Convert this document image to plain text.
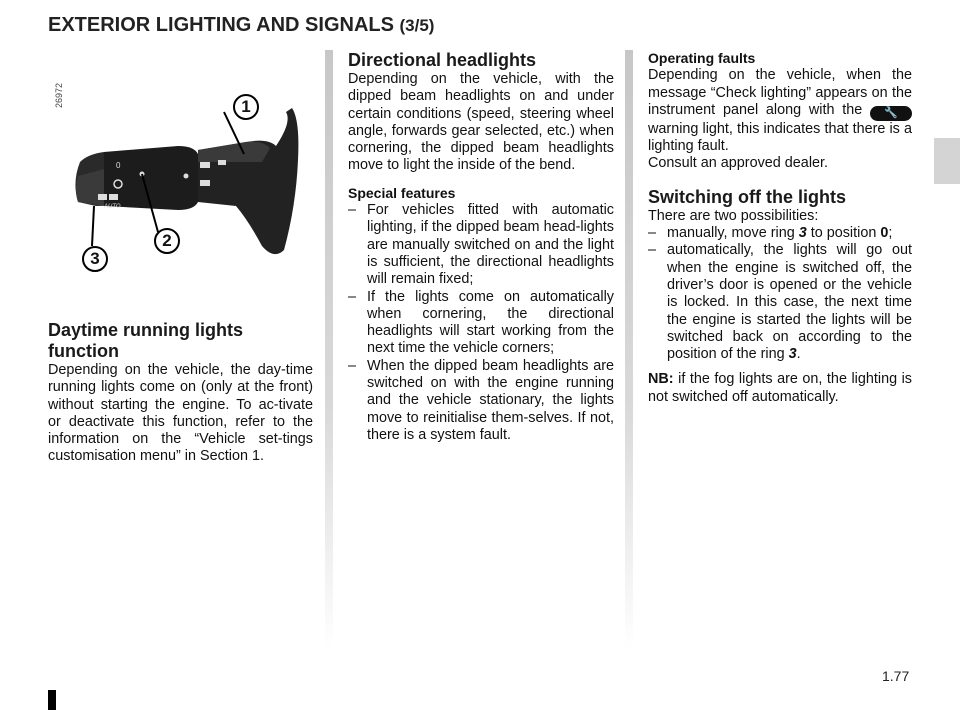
EXTERIOR LIGHTING AND SIGNALS (3/5)
26972
0
AUTO
1
2
3

Daytime running lights function

Depending on the vehicle, the day-time running lights come on (only at the front) without starting the engine. To ac-tivate or deactivate this function, refer to the information on the “Vehicle set-tings customisation menu” in Section 1.

Directional headlights

Depending on the vehicle, with the dipped beam headlights on and under certain conditions (speed, steering wheel angle, forwards gear selected, etc.) when cornering, the dipped beam headlights move to light the inside of the bend.

Special features

– For vehicles fitted with automatic lighting, if the dipped beam head-lights are manually switched on and the light is sufficient, the directional headlights will remain fixed;
– If the lights come on automatically when cornering, the directional headlights will start working from the next time the vehicle corners;
– When the dipped beam headlights are switched on with the engine running and the vehicle stationary, the lights move to reinitialise them-selves. If not, there is a system fault.

Operating faults

Depending on the vehicle, when the message “Check lighting” appears on the instrument panel along with the 🔧 warning light, this indicates that there is a lighting fault.

Consult an approved dealer.

Switching off the lights

There are two possibilities:

– manually, move ring 3 to position 0;
– automatically, the lights will go out when the engine is switched off, the driver’s door is opened or the vehicle is locked. In this case, the next time the engine is started the lights will be switched back on according to the position of the ring 3.

NB: if the fog lights are on, the lighting is not switched off automatically.

1.77
